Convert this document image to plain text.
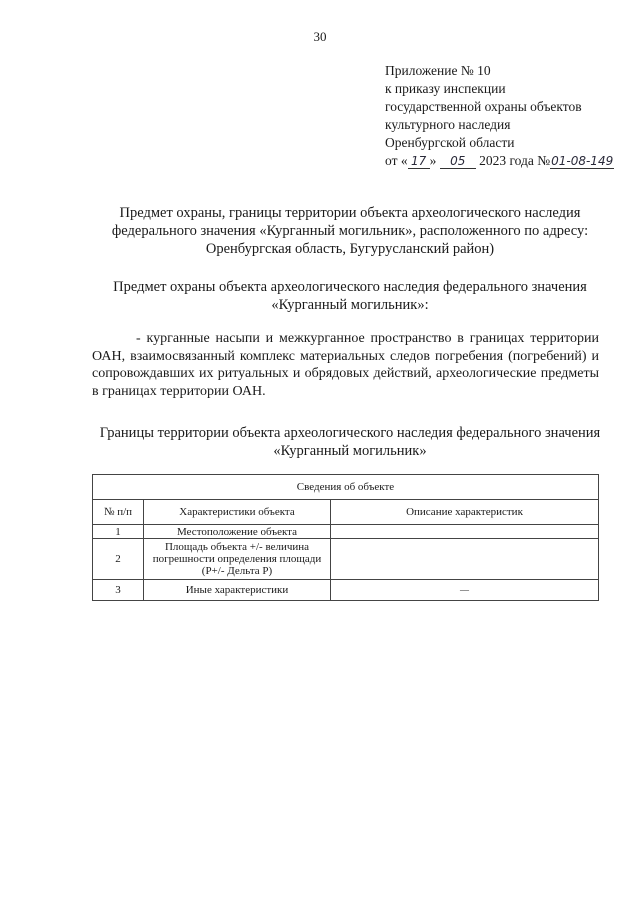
30
Приложение № 10
к приказу инспекции
государственной охраны объектов
культурного наследия
Оренбургской области
от « 17 » 05 2023 года №01-08-149
Предмет охраны, границы территории объекта археологического наследия федерального значения «Курганный могильник», расположенного по адресу: Оренбургская область, Бугурусланский район)
Предмет охраны объекта археологического наследия федерального значения «Курганный могильник»:
- курганные насыпи и межкурганное пространство в границах территории ОАН, взаимосвязанный комплекс материальных следов погребения (погребений) и сопровождавших их ритуальных и обрядовых действий, археологические предметы в границах территории ОАН.
Границы территории объекта археологического наследия федерального значения «Курганный могильник»
Сведения об объекте		
№ п/п	Характеристики объекта	Описание характеристик
1	Местоположение объекта	
2	Площадь объекта +/- величина погрешности определения площади (P+/- Дельта P)	
3	Иные характеристики	—
